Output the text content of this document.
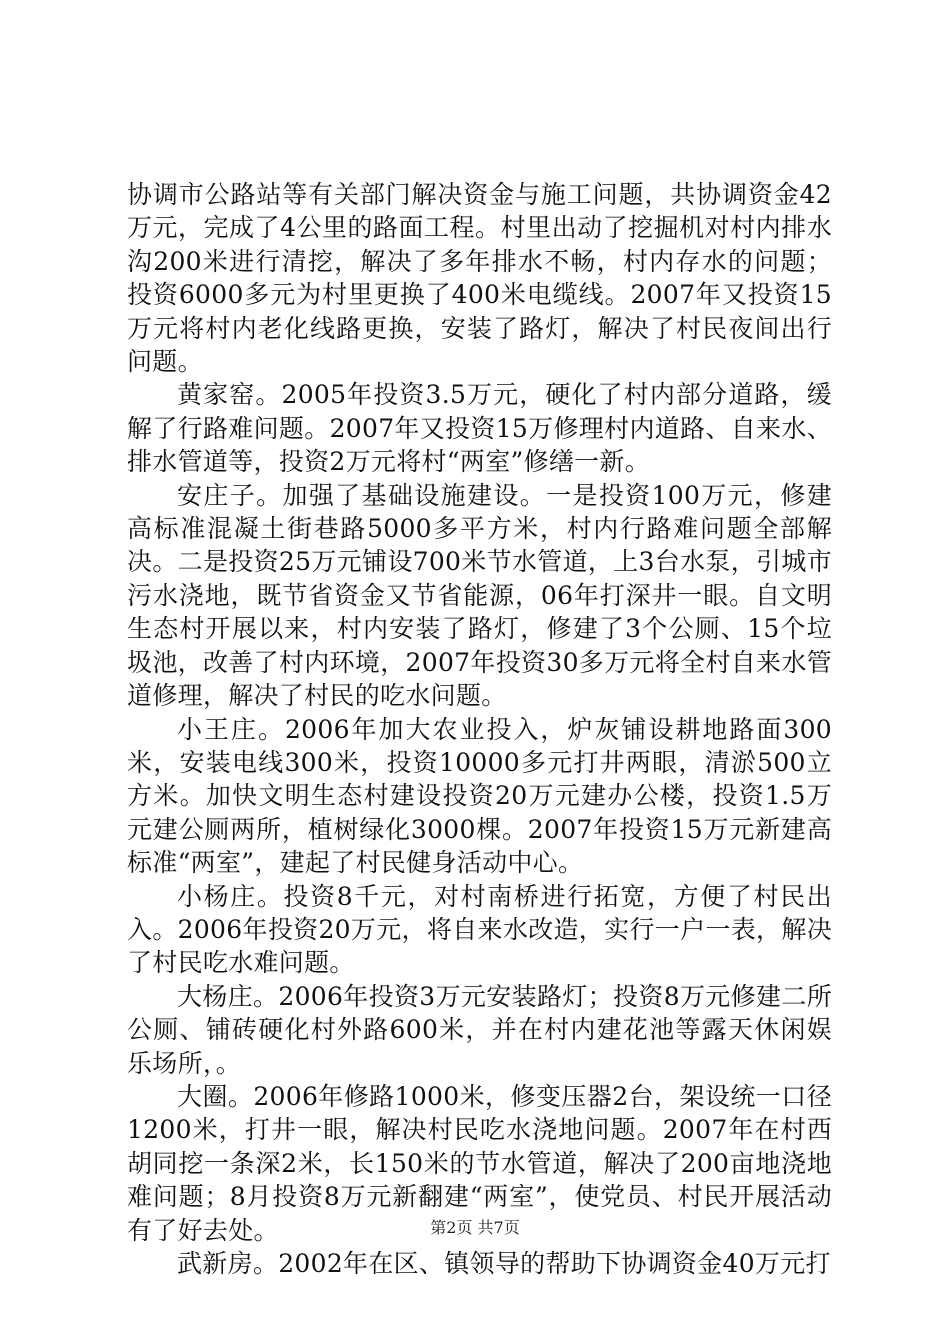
协调市公路站等有关部门解决资金与施工问题，共协调资金42万元，完成了4公里的路面工程。村里出动了挖掘机对村内排水沟200米进行清挖，解决了多年排水不畅，村内存水的问题；投资6000多元为村里更换了400米电缆线。2007年又投资15万元将村内老化线路更换，安装了路灯，解决了村民夜间出行问题。

黄家窑。2005年投资3.5万元，硬化了村内部分道路，缓解了行路难问题。2007年又投资15万修理村内道路、自来水、排水管道等，投资2万元将村“两室”修缮一新。

安庄子。加强了基础设施建设。一是投资100万元，修建高标准混凝土街巷路5000多平方米，村内行路难问题全部解决。二是投资25万元铺设700米节水管道，上3台水泵，引城市污水浇地，既节省资金又节省能源，06年打深井一眼。自文明生态村开展以来，村内安装了路灯，修建了3个公厕、15个垃圾池，改善了村内环境，2007年投资30多万元将全村自来水管道修理，解决了村民的吃水问题。

小王庄。2006年加大农业投入，炉灰铺设耕地路面300米，安装电线300米，投资10000多元打井两眼，清淤500立方米。加快文明生态村建设投资20万元建办公楼，投资1.5万元建公厕两所，植树绿化3000棵。2007年投资15万元新建高标准“两室”，建起了村民健身活动中心。

小杨庄。投资8千元，对村南桥进行拓宽，方便了村民出入。2006年投资20万元，将自来水改造，实行一户一表，解决了村民吃水难问题。

大杨庄。2006年投资3万元安装路灯；投资8万元修建二所公厕、铺砖硬化村外路600米，并在村内建花池等露天休闲娱乐场所，。

大圈。2006年修路1000米，修变压器2台，架设统一口径1200米，打井一眼，解决村民吃水浇地问题。2007年在村西胡同挖一条深2米，长150米的节水管道，解决了200亩地浇地难问题；8月投资8万元新翻建“两室”，使党员、村民开展活动有了好去处。

武新房。2002年在区、镇领导的帮助下协调资金40万元打

第2页 共7页
